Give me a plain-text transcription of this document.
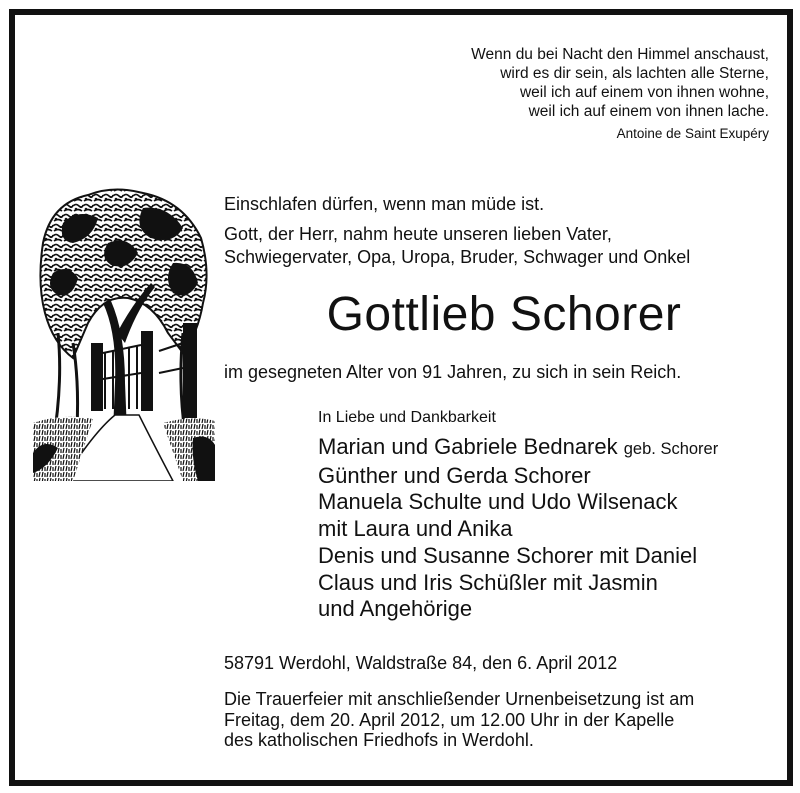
Wenn du bei Nacht den Himmel anschaust,
wird es dir sein, als lachten alle Sterne,
weil ich auf einem von ihnen wohne,
weil ich auf einem von ihnen lache.
Antoine de Saint Exupéry
Einschlafen dürfen, wenn man müde ist.
Gott, der Herr, nahm heute unseren lieben Vater,
Schwiegervater, Opa, Uropa, Bruder, Schwager und Onkel
Gottlieb Schorer
im gesegneten Alter von 91 Jahren, zu sich in sein Reich.
In Liebe und Dankbarkeit
Marian und Gabriele Bednarek geb. Schorer
Günther und Gerda Schorer
Manuela Schulte und Udo Wilsenack
mit Laura und Anika
Denis und Susanne Schorer mit Daniel
Claus und Iris Schüßler mit Jasmin
und Angehörige
58791 Werdohl, Waldstraße 84, den 6. April 2012
Die Trauerfeier mit anschließender Urnenbeisetzung ist am
Freitag, dem 20. April 2012, um 12.00 Uhr in der Kapelle
des katholischen Friedhofs in Werdohl.
